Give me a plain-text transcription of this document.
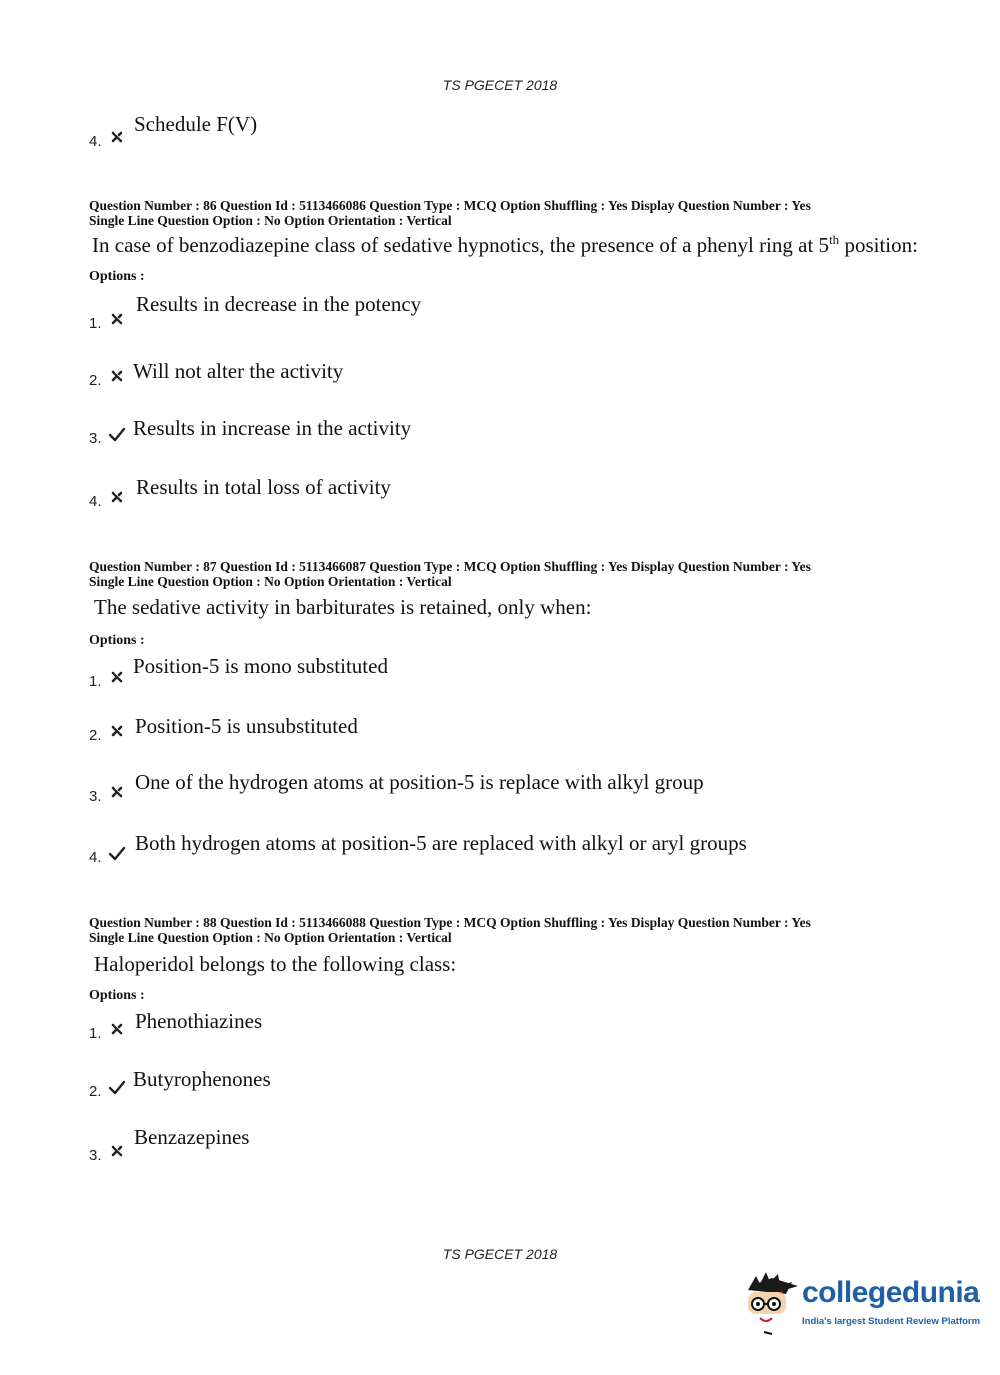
TS PGECET 2018
4.
Schedule F(V)
Question Number : 86 Question Id : 5113466086 Question Type : MCQ Option Shuffling : Yes Display Question Number : Yes
Single Line Question Option : No Option Orientation : Vertical
In case of benzodiazepine class of sedative hypnotics, the presence of a phenyl ring at 5th position:
Options :
1.
Results in decrease in the potency
2. Will not alter the activity
3. Results in increase in the activity
4.
Results in total loss of activity
Question Number : 87 Question Id : 5113466087 Question Type : MCQ Option Shuffling : Yes Display Question Number : Yes
Single Line Question Option : No Option Orientation : Vertical
The sedative activity in barbiturates is retained, only when:
Options :
1.
Position-5 is mono substituted
2. Position-5 is unsubstituted
3.
One of the hydrogen atoms at position-5 is replace with alkyl group
4.
Both hydrogen atoms at position-5 are replaced with alkyl or aryl groups
Question Number : 88 Question Id : 5113466088 Question Type : MCQ Option Shuffling : Yes Display Question Number : Yes
Single Line Question Option : No Option Orientation : Vertical
Haloperidol belongs to the following class:
Options :
1.
Phenothiazines
2.
Butyrophenones
3.
Benzazepines
TS PGECET 2018
collegedunia
India's largest Student Review Platform
